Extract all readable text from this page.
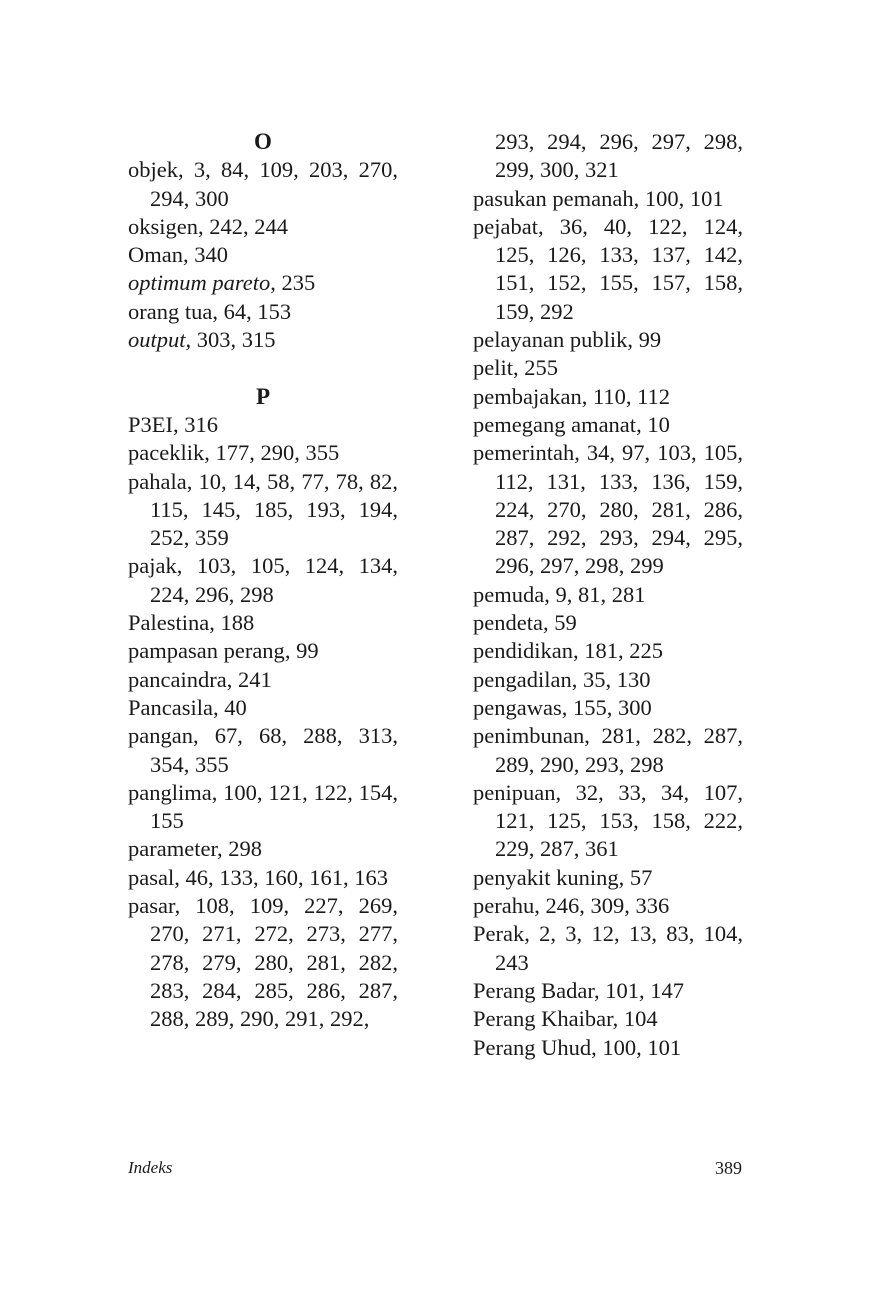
O
objek, 3, 84, 109, 203, 270, 294, 300
oksigen, 242, 244
Oman, 340
optimum pareto, 235
orang tua, 64, 153
output, 303, 315
P
P3EI, 316
paceklik, 177, 290, 355
pahala, 10, 14, 58, 77, 78, 82, 115, 145, 185, 193, 194, 252, 359
pajak, 103, 105, 124, 134, 224, 296, 298
Palestina, 188
pampasan perang, 99
pancaindra, 241
Pancasila, 40
pangan, 67, 68, 288, 313, 354, 355
panglima, 100, 121, 122, 154, 155
parameter, 298
pasal, 46, 133, 160, 161, 163
pasar, 108, 109, 227, 269, 270, 271, 272, 273, 277, 278, 279, 280, 281, 282, 283, 284, 285, 286, 287, 288, 289, 290, 291, 292,
293, 294, 296, 297, 298, 299, 300, 321
pasukan pemanah, 100, 101
pejabat, 36, 40, 122, 124, 125, 126, 133, 137, 142, 151, 152, 155, 157, 158, 159, 292
pelayanan publik, 99
pelit, 255
pembajakan, 110, 112
pemegang amanat, 10
pemerintah, 34, 97, 103, 105, 112, 131, 133, 136, 159, 224, 270, 280, 281, 286, 287, 292, 293, 294, 295, 296, 297, 298, 299
pemuda, 9, 81, 281
pendeta, 59
pendidikan, 181, 225
pengadilan, 35, 130
pengawas, 155, 300
penimbunan, 281, 282, 287, 289, 290, 293, 298
penipuan, 32, 33, 34, 107, 121, 125, 153, 158, 222, 229, 287, 361
penyakit kuning, 57
perahu, 246, 309, 336
Perak, 2, 3, 12, 13, 83, 104, 243
Perang Badar, 101, 147
Perang Khaibar, 104
Perang Uhud, 100, 101
Indeks	389
